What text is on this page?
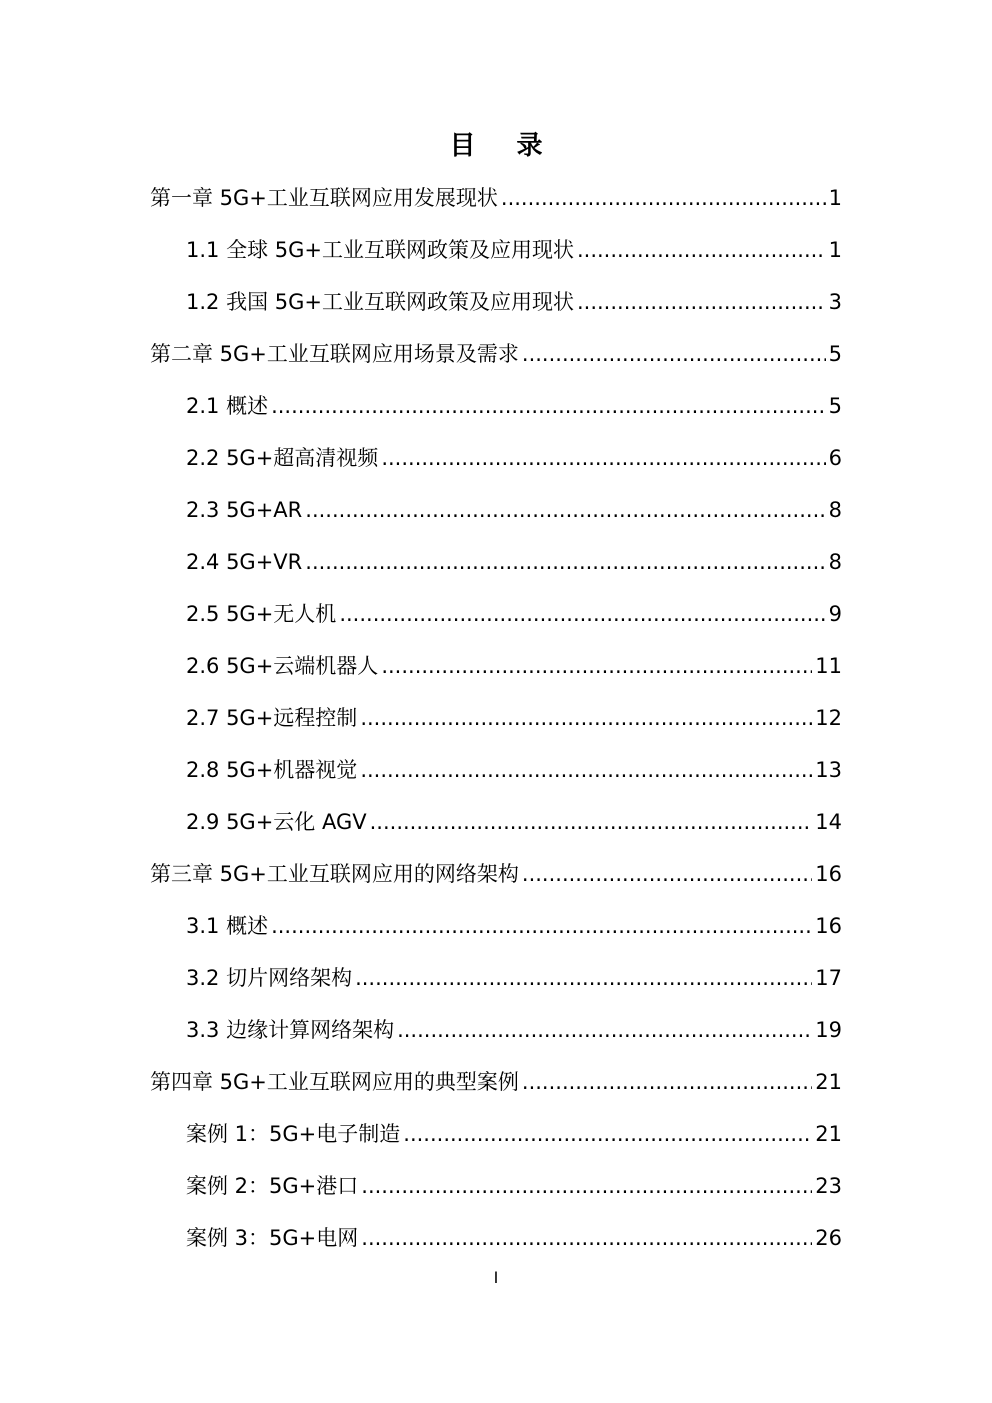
目 录
第一章 5G+工业互联网应用发展现状 .....	1
1.1 全球 5G+工业互联网政策及应用现状 .....	1
1.2 我国 5G+工业互联网政策及应用现状 .....	3
第二章 5G+工业互联网应用场景及需求 .....	5
2.1 概述 .....	5
2.2 5G+超高清视频 .....	6
2.3 5G+AR .....	8
2.4 5G+VR .....	8
2.5 5G+无人机 .....	9
2.6 5G+云端机器人 .....	11
2.7 5G+远程控制 .....	12
2.8 5G+机器视觉 .....	13
2.9 5G+云化 AGV .....	14
第三章 5G+工业互联网应用的网络架构 .....	16
3.1 概述 .....	16
3.2 切片网络架构 .....	17
3.3 边缘计算网络架构 .....	19
第四章 5G+工业互联网应用的典型案例 .....	21
案例 1：5G+电子制造 .....	21
案例 2：5G+港口 .....	23
案例 3：5G+电网 .....	26
I
